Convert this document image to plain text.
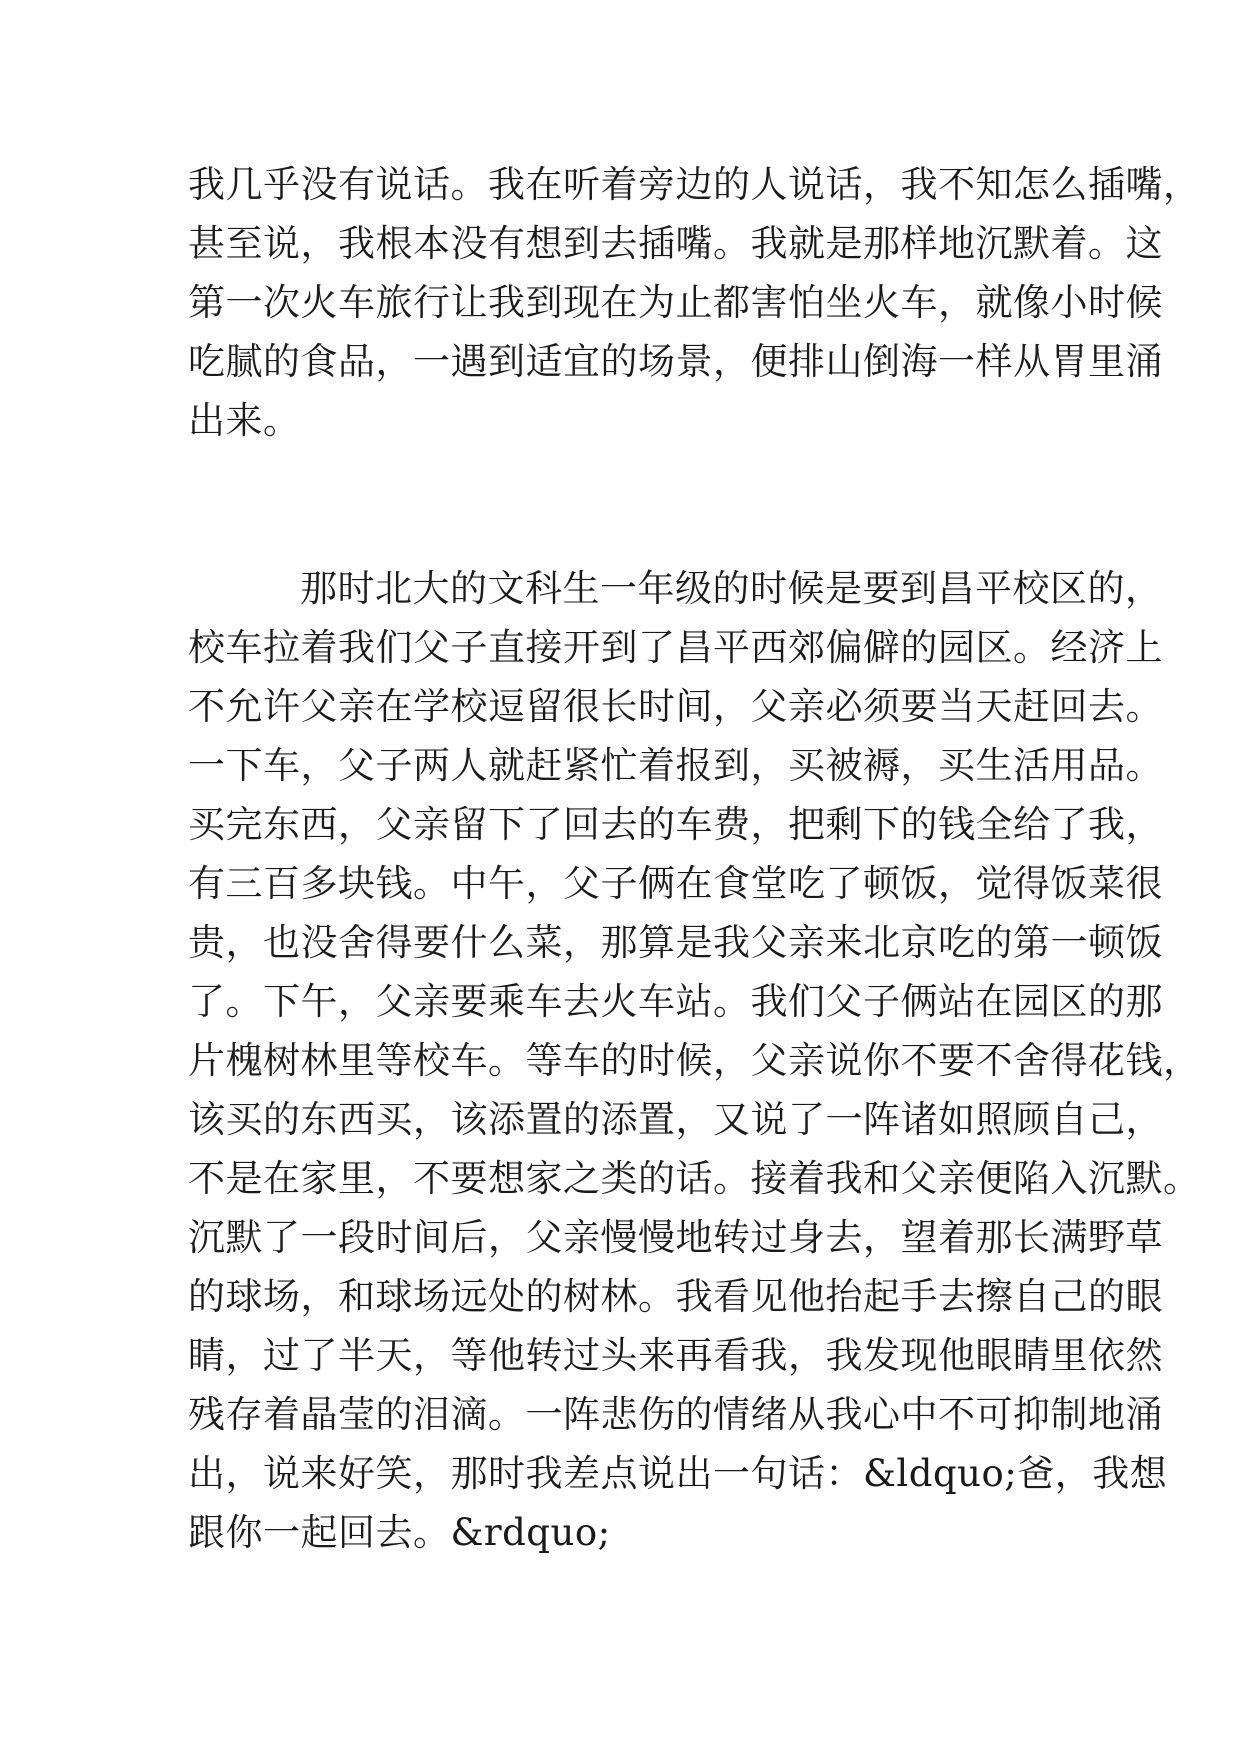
我几乎没有说话。我在听着旁边的人说话，我不知怎么插嘴，
甚至说，我根本没有想到去插嘴。我就是那样地沉默着。这
第一次火车旅行让我到现在为止都害怕坐火车，就像小时候
吃腻的食品，一遇到适宜的场景，便排山倒海一样从胃里涌
出来。
那时北大的文科生一年级的时候是要到昌平校区的，
校车拉着我们父子直接开到了昌平西郊偏僻的园区。经济上
不允许父亲在学校逗留很长时间，父亲必须要当天赶回去。
一下车，父子两人就赶紧忙着报到，买被褥，买生活用品。
买完东西，父亲留下了回去的车费，把剩下的钱全给了我，
有三百多块钱。中午，父子俩在食堂吃了顿饭，觉得饭菜很
贵，也没舍得要什么菜，那算是我父亲来北京吃的第一顿饭
了。下午，父亲要乘车去火车站。我们父子俩站在园区的那
片槐树林里等校车。等车的时候，父亲说你不要不舍得花钱，
该买的东西买，该添置的添置，又说了一阵诸如照顾自己，
不是在家里，不要想家之类的话。接着我和父亲便陷入沉默。
沉默了一段时间后，父亲慢慢地转过身去，望着那长满野草
的球场，和球场远处的树林。我看见他抬起手去擦自己的眼
睛，过了半天，等他转过头来再看我，我发现他眼睛里依然
残存着晶莹的泪滴。一阵悲伤的情绪从我心中不可抑制地涌
出，说来好笑，那时我差点说出一句话：&ldquo;爸，我想
跟你一起回去。&rdquo;
